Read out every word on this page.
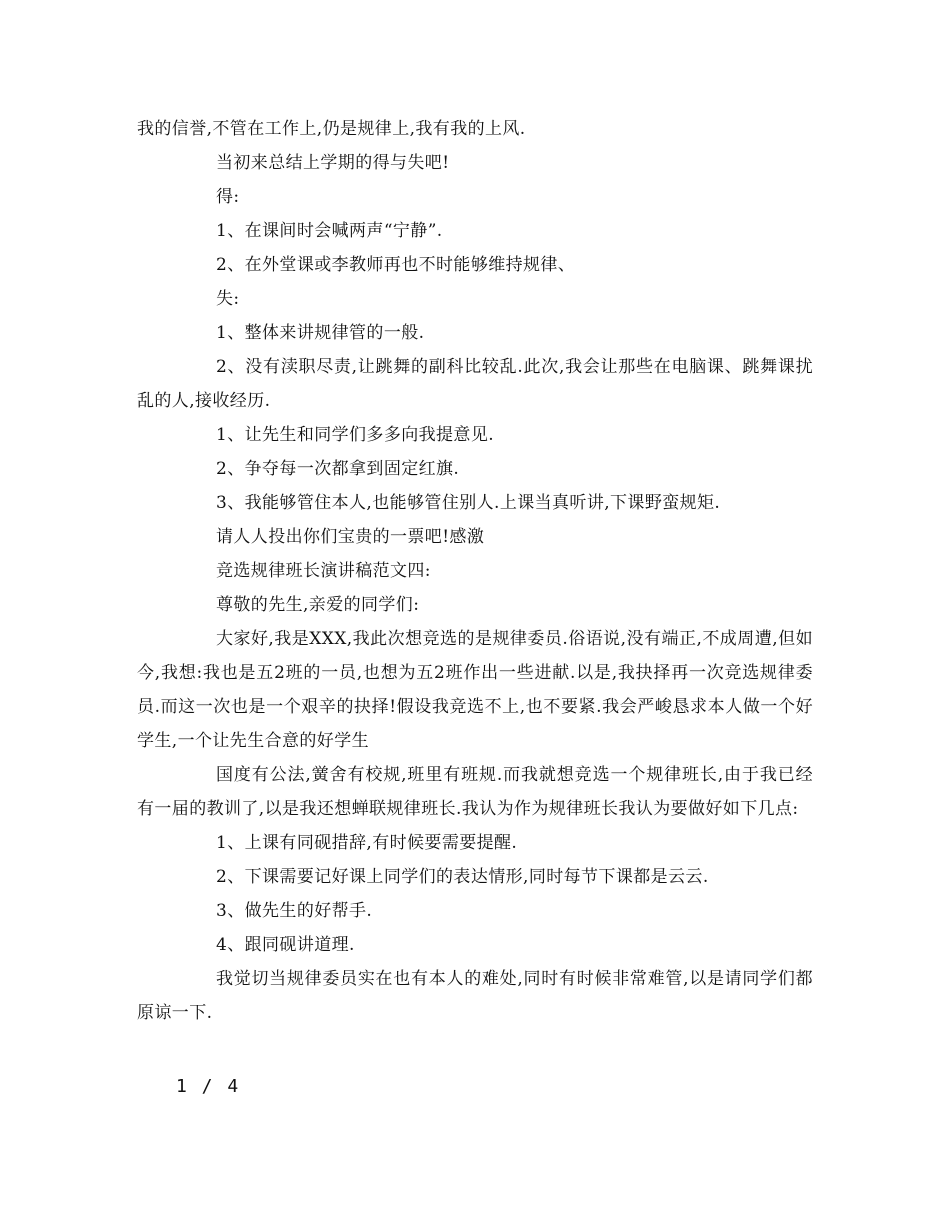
我的信誉,不管在工作上,仍是规律上,我有我的上风.

当初来总结上学期的得与失吧!

得:

1、在课间时会喊两声“宁静”.

2、在外堂课或李教师再也不时能够维持规律、

失:

1、整体来讲规律管的一般.

2、没有渎职尽责,让跳舞的副科比较乱.此次,我会让那些在电脑课、跳舞课扰乱的人,接收经历.

1、让先生和同学们多多向我提意见.

2、争夺每一次都拿到固定红旗.

3、我能够管住本人,也能够管住别人.上课当真听讲,下课野蛮规矩.

请人人投出你们宝贵的一票吧!感激

竞选规律班长演讲稿范文四:

尊敬的先生,亲爱的同学们:

大家好,我是XXX,我此次想竞选的是规律委员.俗语说,没有端正,不成周遭,但如今,我想:我也是五2班的一员,也想为五2班作出一些进献.以是,我抉择再一次竞选规律委员.而这一次也是一个艰辛的抉择!假设我竞选不上,也不要紧.我会严峻恳求本人做一个好学生,一个让先生合意的好学生

国度有公法,黉舍有校规,班里有班规.而我就想竞选一个规律班长,由于我已经有一届的教训了,以是我还想蝉联规律班长.我认为作为规律班长我认为要做好如下几点:

1、上课有同砚措辞,有时候要需要提醒.

2、下课需要记好课上同学们的表达情形,同时每节下课都是云云.

3、做先生的好帮手.

4、跟同砚讲道理.

我觉切当规律委员实在也有本人的难处,同时有时候非常难管,以是请同学们都原谅一下.

1 / 4
